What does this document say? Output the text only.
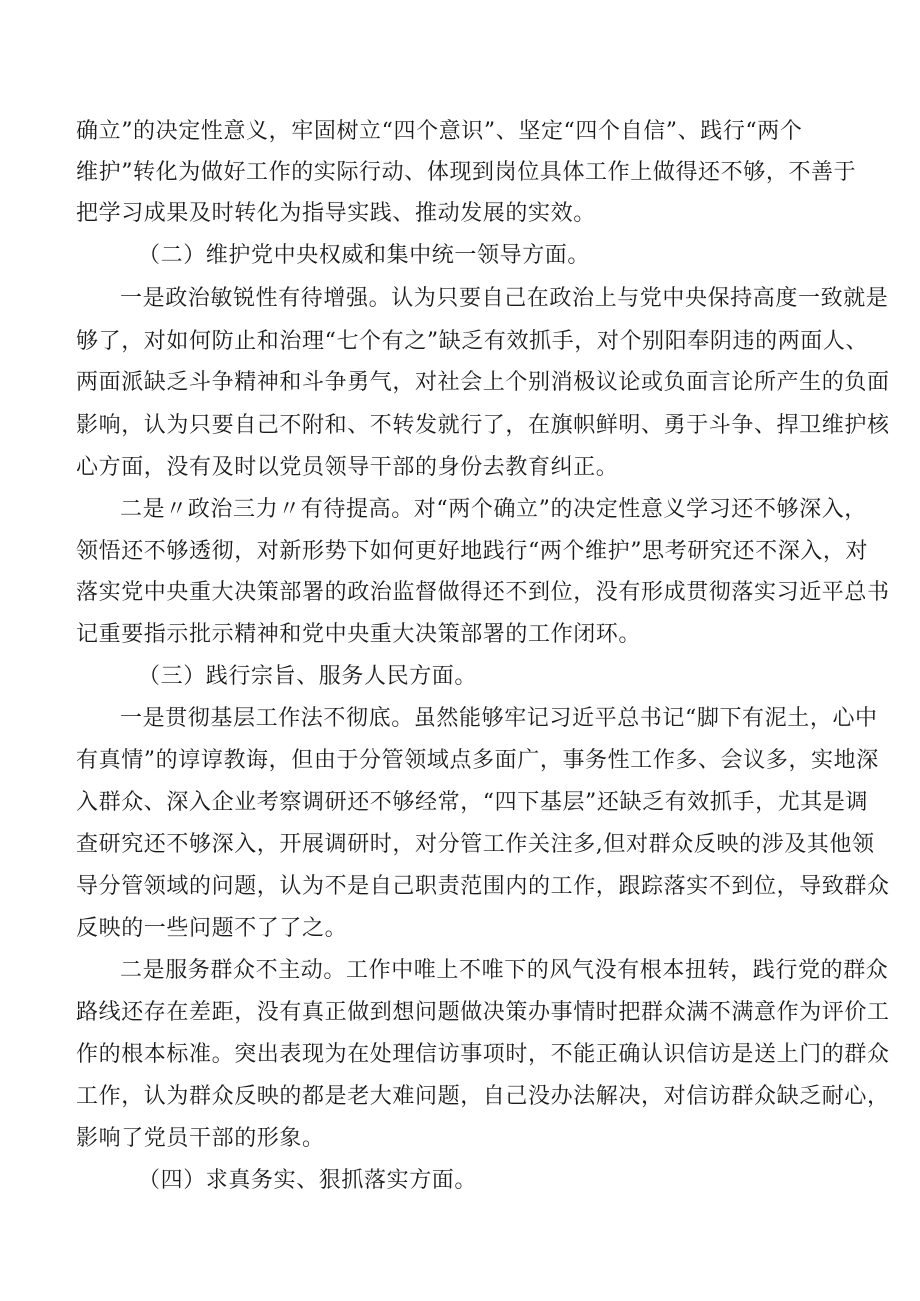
确立”的决定性意义，牢固树立“四个意识”、坚定“四个自信”、践行“两个
维护”转化为做好工作的实际行动、体现到岗位具体工作上做得还不够，不善于
把学习成果及时转化为指导实践、推动发展的实效。
（二）维护党中央权威和集中统一领导方面。
一是政治敏锐性有待增强。认为只要自己在政治上与党中央保持高度一致就是
够了，对如何防止和治理“七个有之”缺乏有效抓手，对个别阳奉阴违的两面人、
两面派缺乏斗争精神和斗争勇气，对社会上个别消极议论或负面言论所产生的负面
影响，认为只要自己不附和、不转发就行了，在旗帜鲜明、勇于斗争、捍卫维护核
心方面，没有及时以党员领导干部的身份去教育纠正。
二是〃政治三力〃有待提高。对“两个确立”的决定性意义学习还不够深入，
领悟还不够透彻，对新形势下如何更好地践行“两个维护”思考研究还不深入，对
落实党中央重大决策部署的政治监督做得还不到位，没有形成贯彻落实习近平总书
记重要指示批示精神和党中央重大决策部署的工作闭环。
（三）践行宗旨、服务人民方面。
一是贯彻基层工作法不彻底。虽然能够牢记习近平总书记“脚下有泥土，心中
有真情”的谆谆教诲，但由于分管领域点多面广，事务性工作多、会议多，实地深
入群众、深入企业考察调研还不够经常，“四下基层”还缺乏有效抓手，尤其是调
查研究还不够深入，开展调研时，对分管工作关注多,但对群众反映的涉及其他领
导分管领域的问题，认为不是自己职责范围内的工作，跟踪落实不到位，导致群众
反映的一些问题不了了之。
二是服务群众不主动。工作中唯上不唯下的风气没有根本扭转，践行党的群众
路线还存在差距，没有真正做到想问题做决策办事情时把群众满不满意作为评价工
作的根本标准。突出表现为在处理信访事项时，不能正确认识信访是送上门的群众
工作，认为群众反映的都是老大难问题，自己没办法解决，对信访群众缺乏耐心，
影响了党员干部的形象。
（四）求真务实、狠抓落实方面。
